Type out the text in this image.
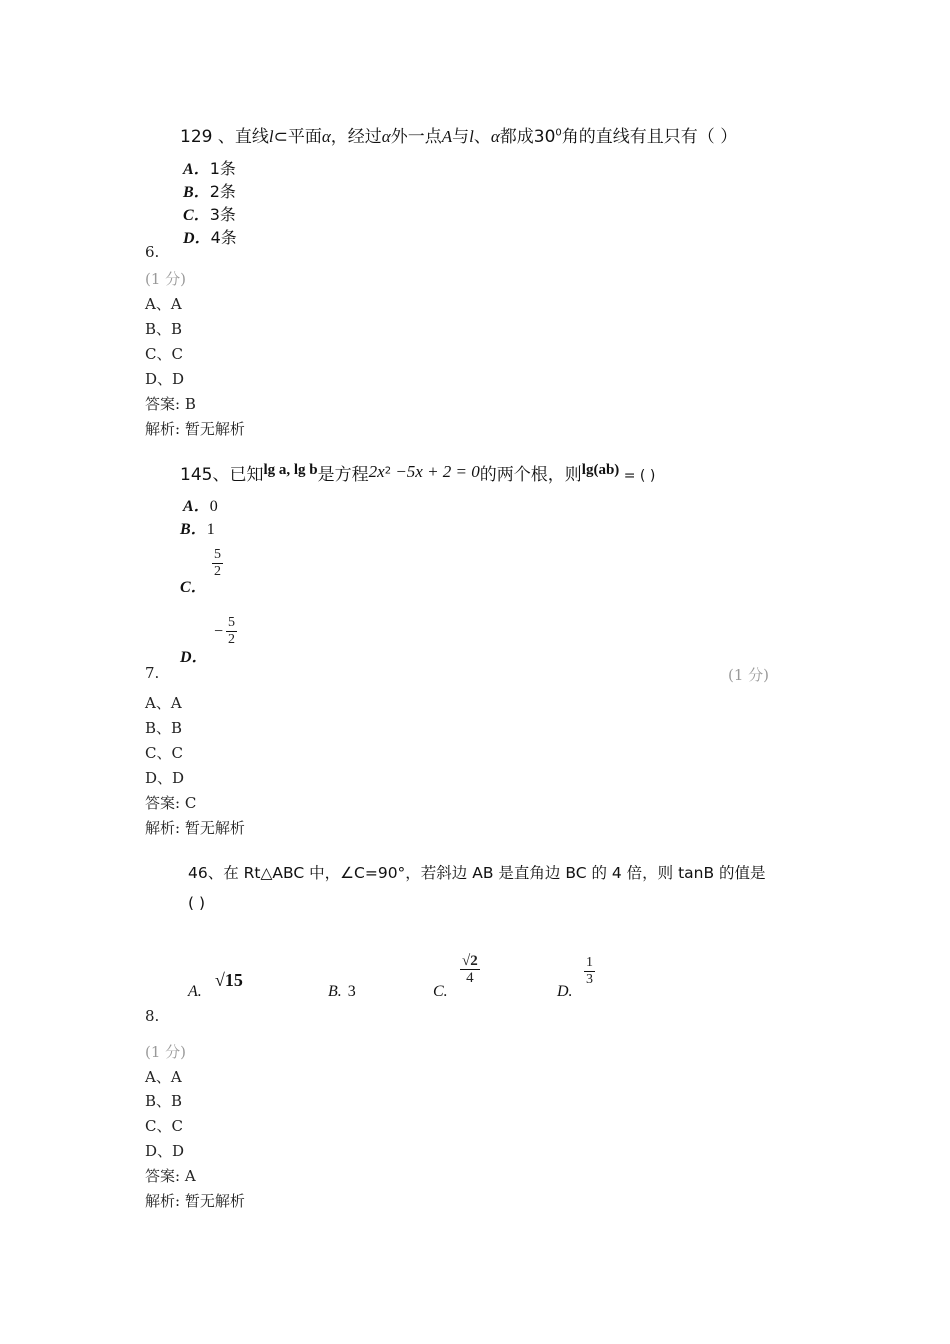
129 、直线l⊂平面α，经过α外一点A与l、α都成$30^0$角的直线有且只有（ ）
A．1条
B．2条
C．3条
D．4条
6.
(1 分)
A、A
B、B
C、C
D、D
答案: B
解析: 暂无解析
145、已知lg a, lg b是方程$2x^2 -5x + 2 = 0$的两个根，则lg(ab) = ( )
A．0
B．1
C．
$\frac{5}{2}$
D．
− $\frac{5}{2}$
7.	(1 分)
A、A
B、B
C、C
D、D
答案: C
解析: 暂无解析
46、在 Rt△ABC 中，∠C=90°，若斜边 AB 是直角边 BC 的 4 倍，则 tanB 的值是
( )
A.
√15
B. 3	C.
$\frac{√2}{4}$
D.
$\frac{1}{3}$
8.
(1 分)
A、A
B、B
C、C
D、D
答案: A
解析: 暂无解析
